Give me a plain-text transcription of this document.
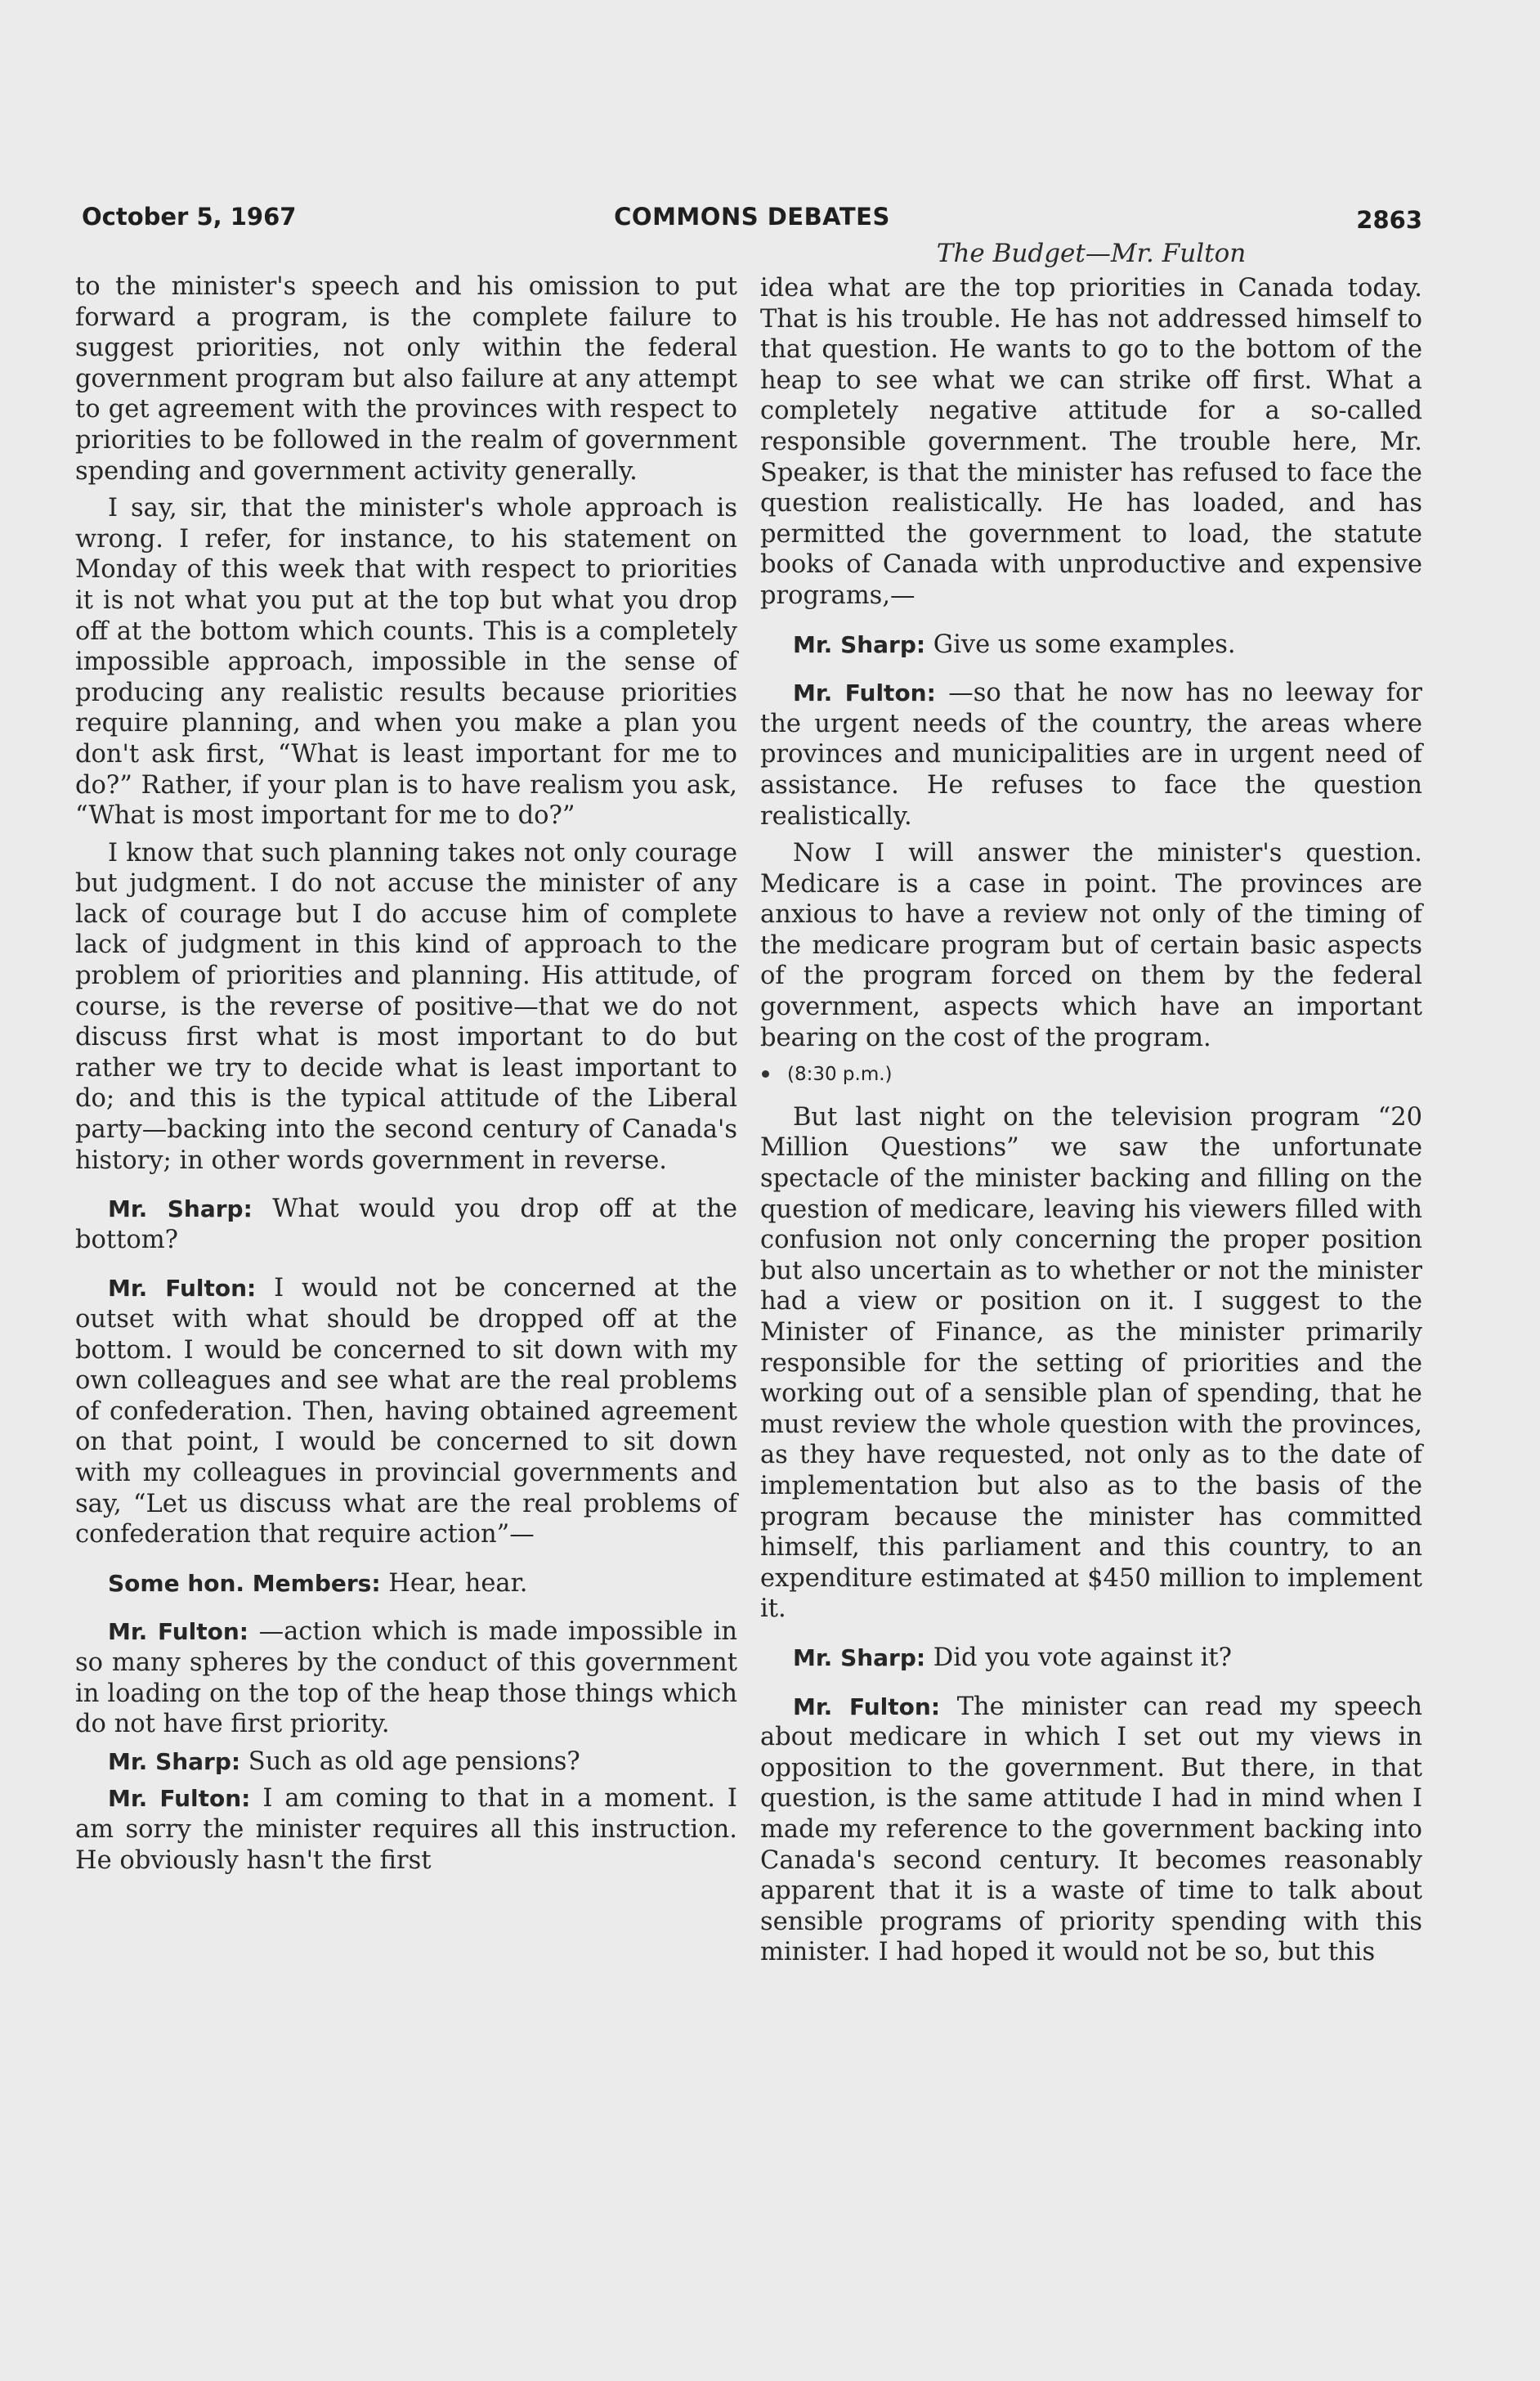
October 5, 1967	COMMONS DEBATES	2863
The Budget—Mr. Fulton

to the minister's speech and his omission to put forward a program, is the complete failure to suggest priorities, not only within the federal government program but also failure at any attempt to get agreement with the provinces with respect to priorities to be followed in the realm of government spending and government activity generally.

I say, sir, that the minister's whole approach is wrong. I refer, for instance, to his statement on Monday of this week that with respect to priorities it is not what you put at the top but what you drop off at the bottom which counts. This is a completely impossible approach, impossible in the sense of producing any realistic results because priorities require planning, and when you make a plan you don't ask first, “What is least important for me to do?” Rather, if your plan is to have realism you ask, “What is most important for me to do?”

I know that such planning takes not only courage but judgment. I do not accuse the minister of any lack of courage but I do accuse him of complete lack of judgment in this kind of approach to the problem of priorities and planning. His attitude, of course, is the reverse of positive—that we do not discuss first what is most important to do but rather we try to decide what is least important to do; and this is the typical attitude of the Liberal party—backing into the second century of Canada's history; in other words government in reverse.

Mr. Sharp: What would you drop off at the bottom?

Mr. Fulton: I would not be concerned at the outset with what should be dropped off at the bottom. I would be concerned to sit down with my own colleagues and see what are the real problems of confederation. Then, having obtained agreement on that point, I would be concerned to sit down with my colleagues in provincial governments and say, “Let us discuss what are the real problems of confederation that require action”—

Some hon. Members: Hear, hear.

Mr. Fulton: —action which is made impossible in so many spheres by the conduct of this government in loading on the top of the heap those things which do not have first priority.

Mr. Sharp: Such as old age pensions?

Mr. Fulton: I am coming to that in a moment. I am sorry the minister requires all this instruction. He obviously hasn't the first

idea what are the top priorities in Canada today. That is his trouble. He has not addressed himself to that question. He wants to go to the bottom of the heap to see what we can strike off first. What a completely negative attitude for a so-called responsible government. The trouble here, Mr. Speaker, is that the minister has refused to face the question realistically. He has loaded, and has permitted the government to load, the statute books of Canada with unproductive and expensive programs,—

Mr. Sharp: Give us some examples.

Mr. Fulton: —so that he now has no leeway for the urgent needs of the country, the areas where provinces and municipalities are in urgent need of assistance. He refuses to face the question realistically.

Now I will answer the minister's question. Medicare is a case in point. The provinces are anxious to have a review not only of the timing of the medicare program but of certain basic aspects of the program forced on them by the federal government, aspects which have an important bearing on the cost of the program.

(8:30 p.m.)

But last night on the television program “20 Million Questions” we saw the unfortunate spectacle of the minister backing and filling on the question of medicare, leaving his viewers filled with confusion not only concerning the proper position but also uncertain as to whether or not the minister had a view or position on it. I suggest to the Minister of Finance, as the minister primarily responsible for the setting of priorities and the working out of a sensible plan of spending, that he must review the whole question with the provinces, as they have requested, not only as to the date of implementation but also as to the basis of the program because the minister has committed himself, this parliament and this country, to an expenditure estimated at $450 million to implement it.

Mr. Sharp: Did you vote against it?

Mr. Fulton: The minister can read my speech about medicare in which I set out my views in opposition to the government. But there, in that question, is the same attitude I had in mind when I made my reference to the government backing into Canada's second century. It becomes reasonably apparent that it is a waste of time to talk about sensible programs of priority spending with this minister. I had hoped it would not be so, but this
